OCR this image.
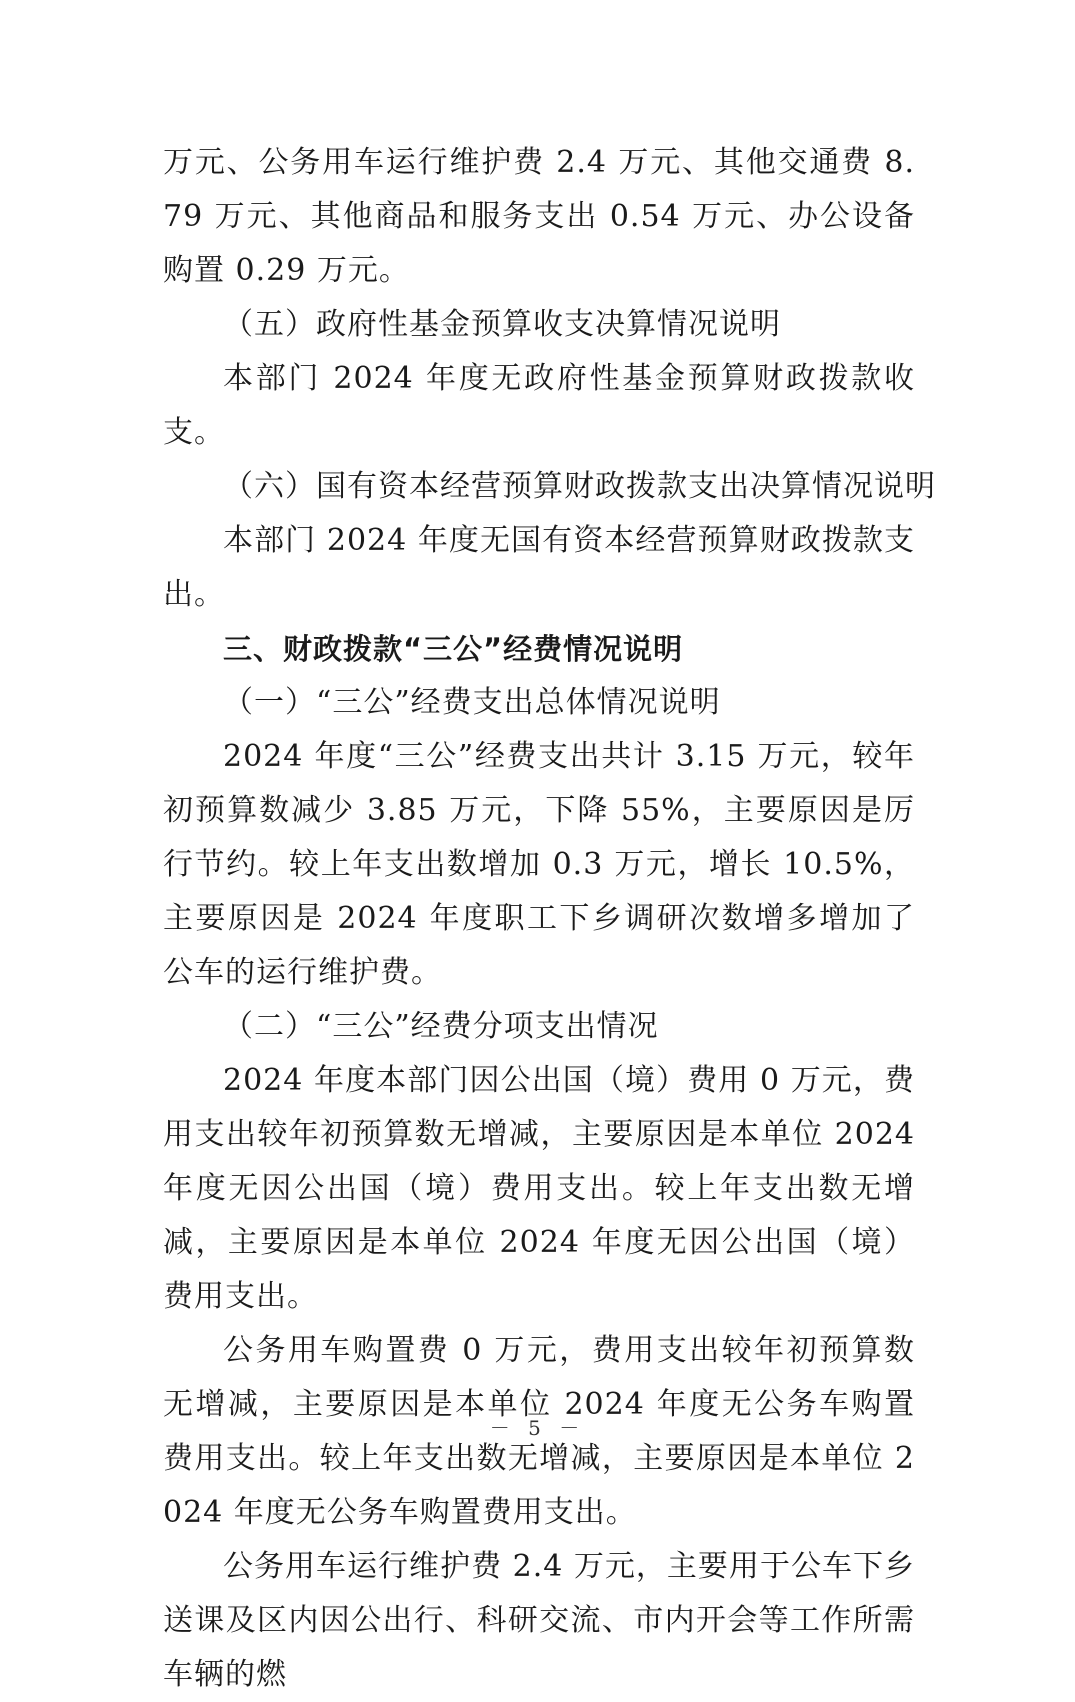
万元、公务用车运行维护费 2.4 万元、其他交通费 8.79 万元、其他商品和服务支出 0.54 万元、办公设备购置 0.29 万元。

（五）政府性基金预算收支决算情况说明

本部门 2024 年度无政府性基金预算财政拨款收支。

（六）国有资本经营预算财政拨款支出决算情况说明

本部门 2024 年度无国有资本经营预算财政拨款支出。

三、财政拨款“三公”经费情况说明

（一）“三公”经费支出总体情况说明

2024 年度“三公”经费支出共计 3.15 万元，较年初预算数减少 3.85 万元，下降 55%，主要原因是厉行节约。较上年支出数增加 0.3 万元，增长 10.5%，主要原因是 2024 年度职工下乡调研次数增多增加了公车的运行维护费。

（二）“三公”经费分项支出情况

2024 年度本部门因公出国（境）费用 0 万元，费用支出较年初预算数无增减，主要原因是本单位 2024 年度无因公出国（境）费用支出。较上年支出数无增减，主要原因是本单位 2024 年度无因公出国（境）费用支出。

公务用车购置费 0 万元，费用支出较年初预算数无增减，主要原因是本单位 2024 年度无公务车购置费用支出。较上年支出数无增减，主要原因是本单位 2024 年度无公务车购置费用支出。

公务用车运行维护费 2.4 万元，主要用于公车下乡送课及区内因公出行、科研交流、市内开会等工作所需车辆的燃

－ 5 －
